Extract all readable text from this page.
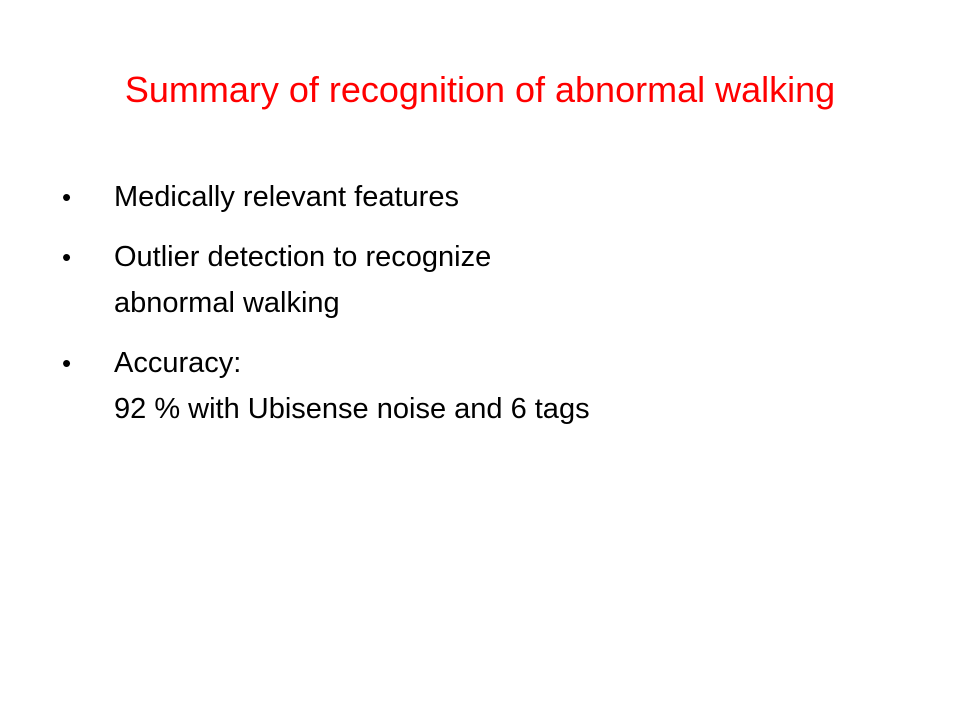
Summary of recognition of abnormal walking
• Medically relevant features
• Outlier detection to recognize
abnormal walking
• Accuracy:
92 % with Ubisense noise and 6 tags
